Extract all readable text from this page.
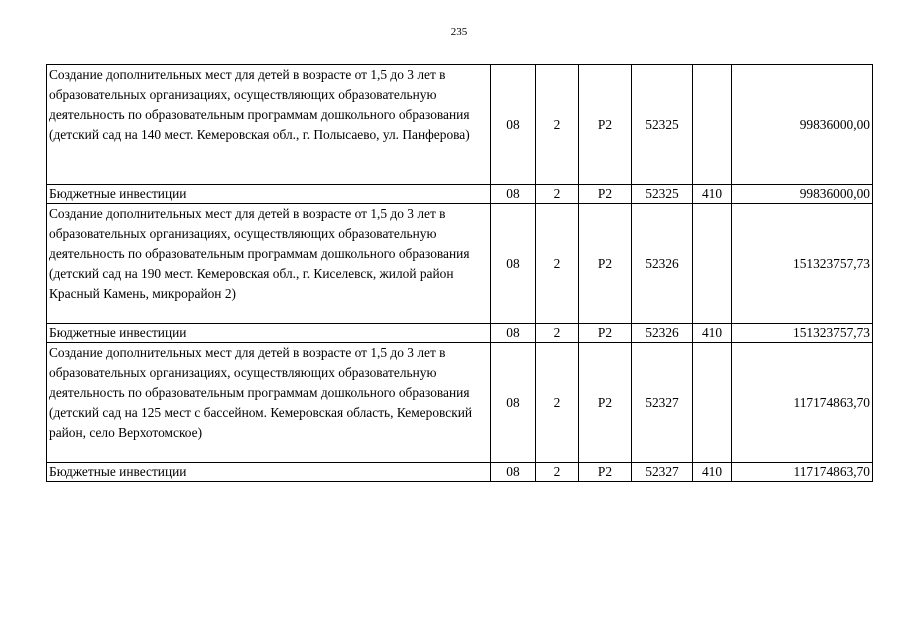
235
Создание дополнительных мест для детей в возрасте от 1,5 до 3 лет в образовательных организациях, осуществляющих образовательную деятельность по образовательным программам дошкольного образования (детский сад на 140 мест. Кемеровская обл., г. Полысаево, ул. Панферова)	08	2	P2	52325		99836000,00
Бюджетные инвестиции	08	2	P2	52325	410	99836000,00
Создание дополнительных мест для детей в возрасте от 1,5 до 3 лет в образовательных организациях, осуществляющих образовательную деятельность по образовательным программам дошкольного образования (детский сад на 190 мест. Кемеровская обл., г. Киселевск, жилой район Красный Камень, микрорайон 2)	08	2	P2	52326		151323757,73
Бюджетные инвестиции	08	2	P2	52326	410	151323757,73
Создание дополнительных мест для детей в возрасте от 1,5 до 3 лет в образовательных организациях, осуществляющих образовательную деятельность по образовательным программам дошкольного образования (детский сад на 125 мест с бассейном. Кемеровская область, Кемеровский район, село Верхотомское)	08	2	P2	52327		117174863,70
Бюджетные инвестиции	08	2	P2	52327	410	117174863,70
